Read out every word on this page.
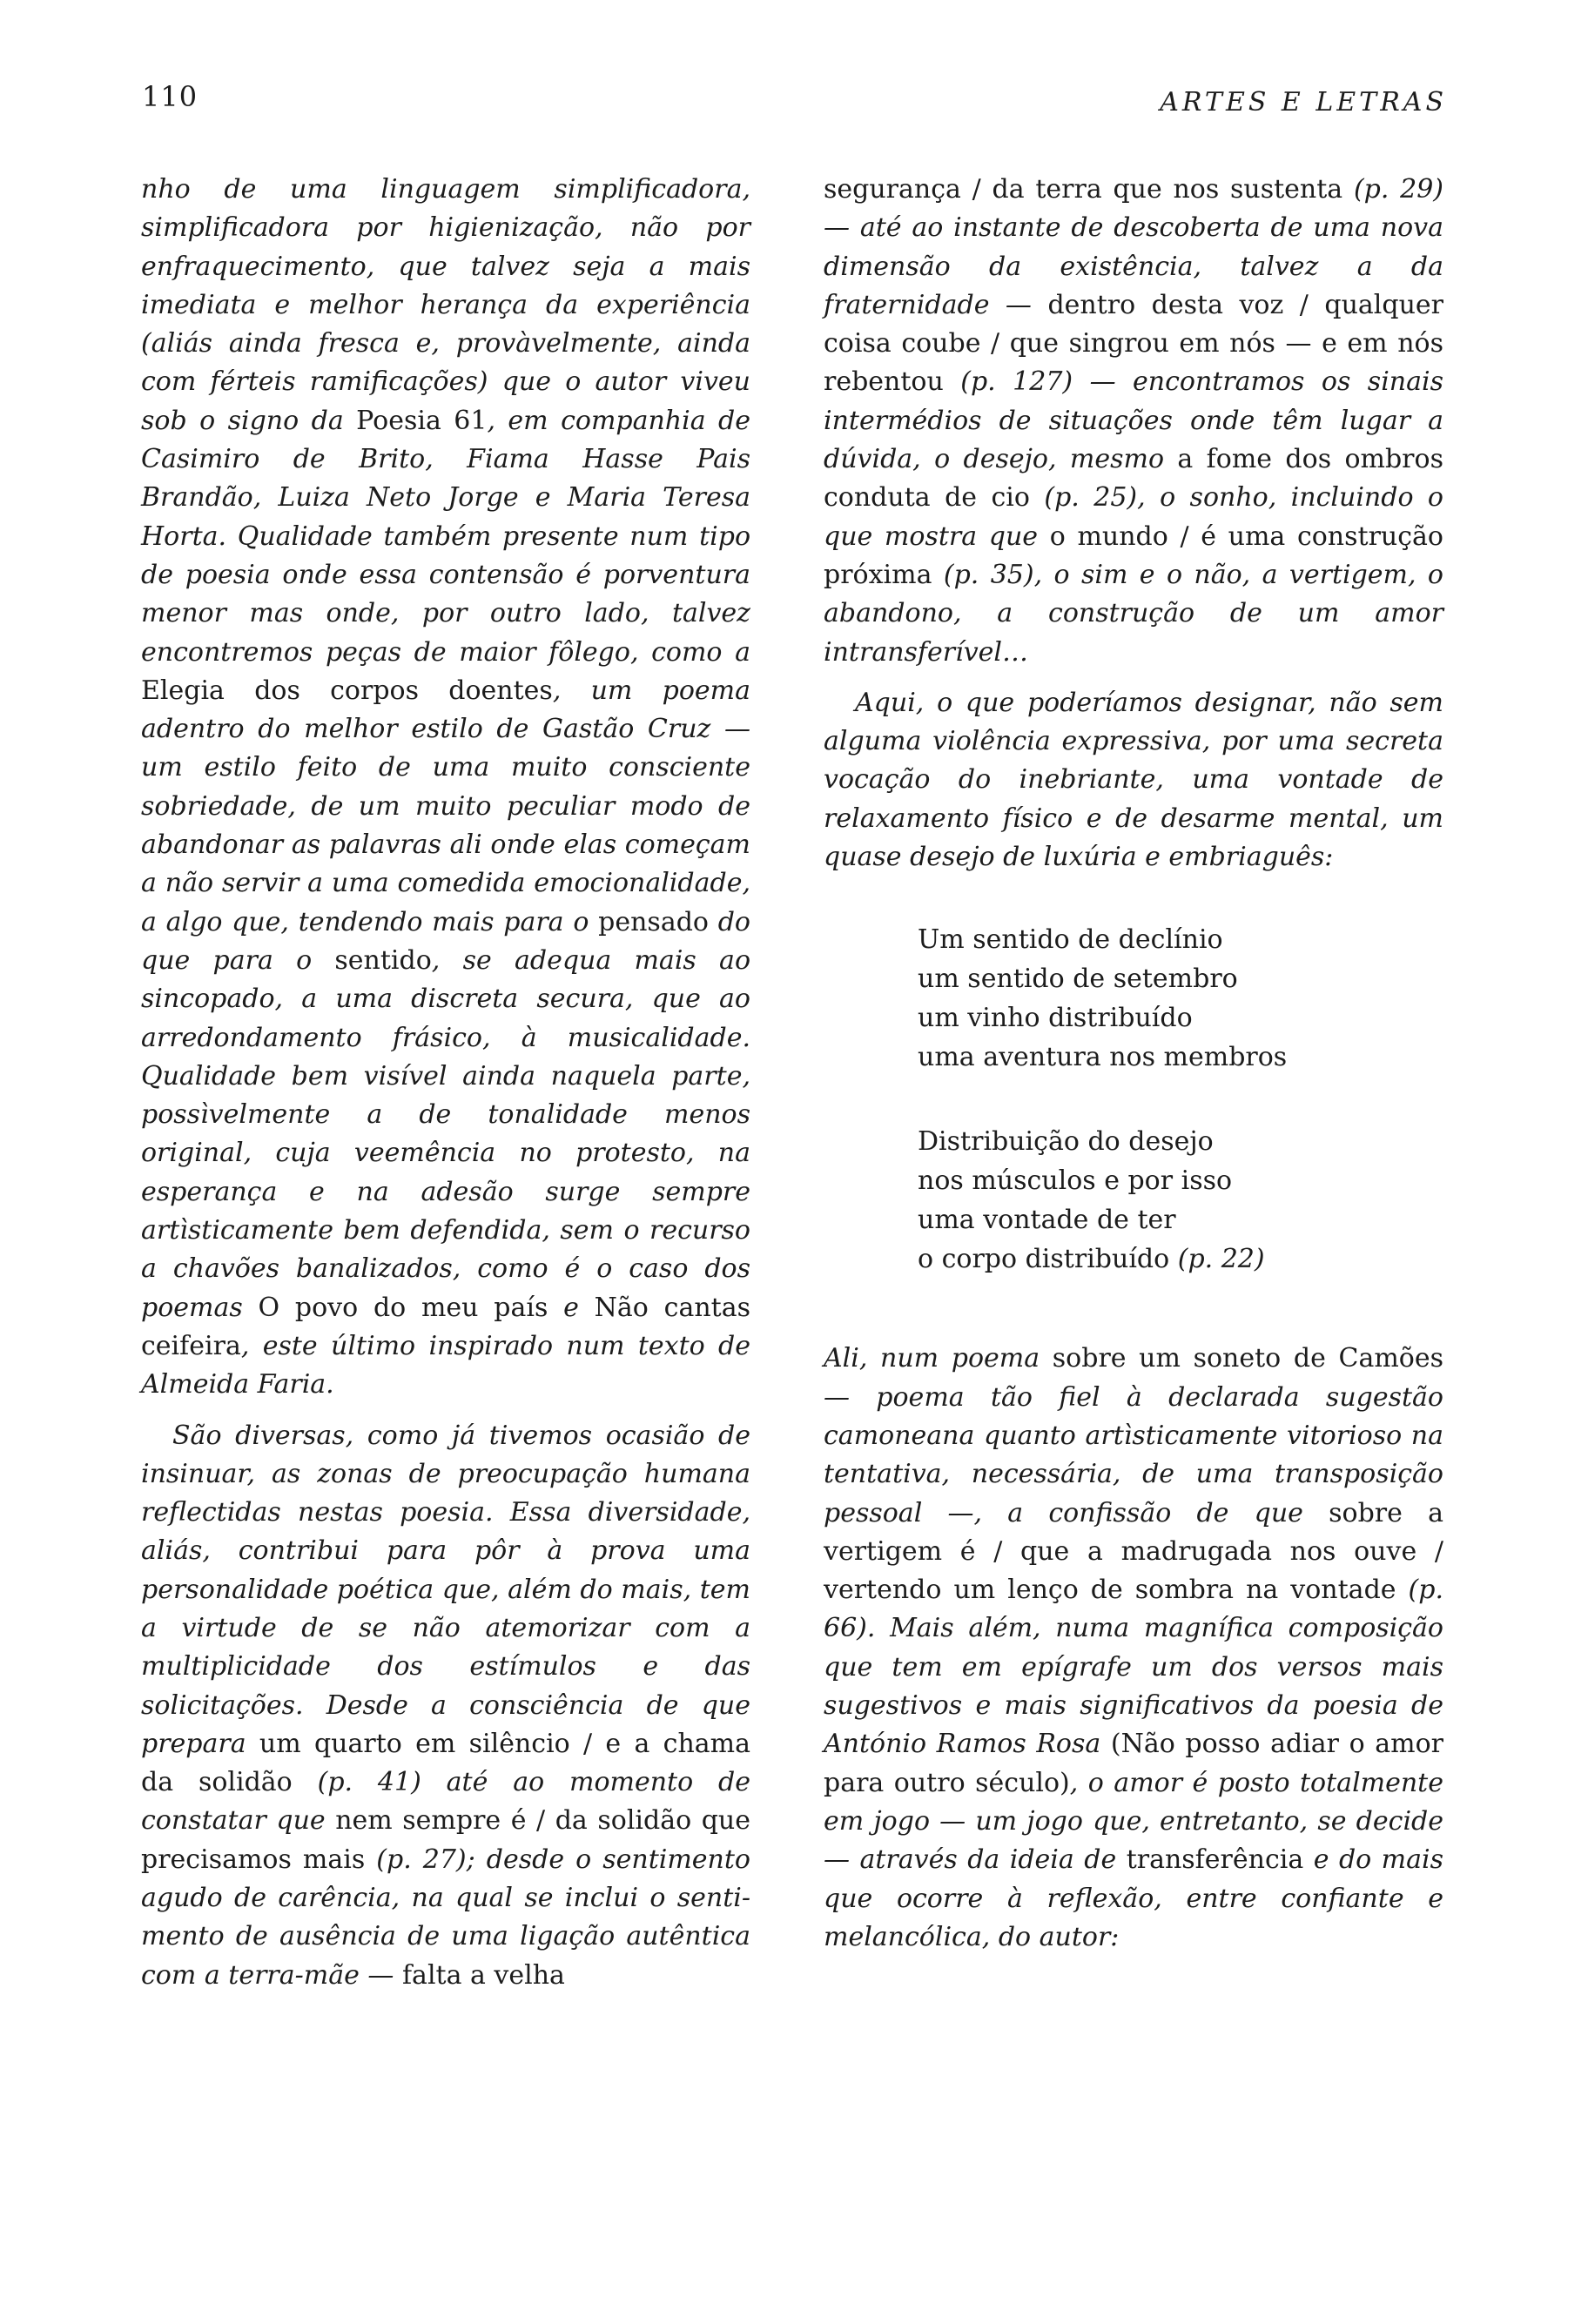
110	ARTES E LETRAS

nho de uma linguagem simplificadora, simplificadora por higienização, não por enfraquecimento, que talvez seja a mais imediata e melhor herança da experiência (aliás ainda fresca e, provàvelmente, ainda com férteis ramificações) que o autor viveu sob o signo da Poesia 61, em companhia de Casimiro de Brito, Fiama Hasse Pais Brandão, Luiza Neto Jorge e Maria Teresa Horta. Qualidade também presente num tipo de poesia onde essa contensão é porventura menor mas onde, por outro lado, talvez encontremos peças de maior fôlego, como a Elegia dos corpos doentes, um poema adentro do melhor estilo de Gastão Cruz — um estilo feito de uma muito consciente sobriedade, de um muito peculiar modo de abandonar as palavras ali onde elas começam a não servir a uma comedida emocionalidade, a algo que, tendendo mais para o pensado do que para o sentido, se adequa mais ao sincopado, a uma discreta secura, que ao arredondamento frásico, à musicalidade. Qualidade bem visível ainda naquela parte, possìvelmente a de tonalidade menos original, cuja veemência no protesto, na esperança e na adesão surge sempre artìsticamente bem defendida, sem o recurso a chavões banalizados, como é o caso dos poemas O povo do meu país e Não cantas ceifeira, este último inspirado num texto de Almeida Faria.

São diversas, como já tivemos ocasião de insinuar, as zonas de preocupação humana reflectidas nestas poesia. Essa diversidade, aliás, contribui para pôr à prova uma personalidade poética que, além do mais, tem a virtude de se não atemorizar com a multiplicidade dos estímulos e das solicitações. Desde a consciência de que prepara um quarto em silêncio / e a chama da solidão (p. 41) até ao momento de constatar que nem sempre é / da solidão que precisamos mais (p. 27); desde o sentimento agudo de carência, na qual se inclui o sentimento de ausência de uma ligação autêntica com a terra-mãe — falta a velha

segurança / da terra que nos sustenta (p. 29) — até ao instante de descoberta de uma nova dimensão da existência, talvez a da fraternidade — dentro desta voz / qualquer coisa coube / que singrou em nós — e em nós rebentou (p. 127) — encontramos os sinais intermédios de situações onde têm lugar a dúvida, o desejo, mesmo a fome dos ombros conduta de cio (p. 25), o sonho, incluindo o que mostra que o mundo / é uma construção próxima (p. 35), o sim e o não, a vertigem, o abandono, a construção de um amor intransferível…

Aqui, o que poderíamos designar, não sem alguma violência expressiva, por uma secreta vocação do inebriante, uma vontade de relaxamento físico e de desarme mental, um quase desejo de luxúria e embriaguês:

Um sentido de declínio
um sentido de setembro
um vinho distribuído
uma aventura nos membros
Distribuição do desejo
nos músculos e por isso
uma vontade de ter
o corpo distribuído (p. 22)

Ali, num poema sobre um soneto de Camões — poema tão fiel à declarada sugestão camoneana quanto artìsticamente vitorioso na tentativa, necessária, de uma transposição pessoal —, a confissão de que sobre a vertigem é / que a madrugada nos ouve / vertendo um lenço de sombra na vontade (p. 66). Mais além, numa magnífica composição que tem em epígrafe um dos versos mais sugestivos e mais significativos da poesia de António Ramos Rosa (Não posso adiar o amor para outro século), o amor é posto totalmente em jogo — um jogo que, entretanto, se decide — através da ideia de transferência e do mais que ocorre à reflexão, entre confiante e melancólica, do autor:
